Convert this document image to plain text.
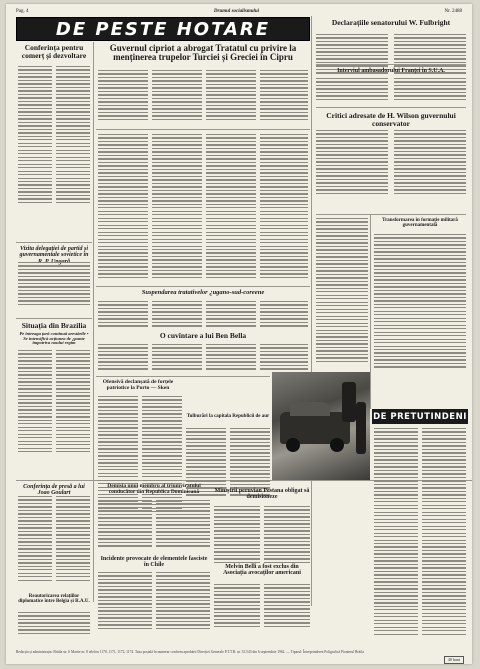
Pag. 4	Drumul socialismului	Nr. 2488
DE PESTE HOTARE
Conferința pentru comerț și dezvoltare
Vizita delegației de partid și guvernamentale sovietice în
Situația din Brazilia
Pe întreaga țară continuă arestările • Se intensifică acțiunea de ¿punte împotriva noului regim
Conferința de presă a lui Joao Goulart
Reautorizarea relațiilor diplomatice între Belgia și R.A.U.
Guvernul cipriot a abrogat Tratatul cu privire la menținerea trupelor Turciei și Greciei în Cipru
Suspendarea tratativelor ¿ugano-sud-coreene
O cuvîntare a lui Ben Bella
Ofensivă declanșată de forțele patriotice la Porto — Sken
Tulburări la capitala Republicii de aur
Demisia unui membru al triumviratului conducător din Republica Dominicană
Incidente provocate de elementele fasciste în Chile
Miniștrii peruvian Pestana obligat să demisioneze
Melvin Belli a fost exclus din Asociația avocaților americani
Declarațiile senatorului W. Fulbright
Interviul ambasadorului Franței în S.U.A.
Critici adresate de H. Wilson guvernului conservator
Transformarea în formație militară guvernamentală
DE PRETUTINDENI
Redacția și administrația: Brăila str. 6 Martie nr. 8 telefon 1170, 1171, 1172, 1174. Taxa poștală în numerar conform aprobării Direcției Generale P.T.T.R. nr. 33.543 din 6 septembrie 1962. — Tiparul: Întreprinderea Poligrafică Pionierul Brăila
40 bani
